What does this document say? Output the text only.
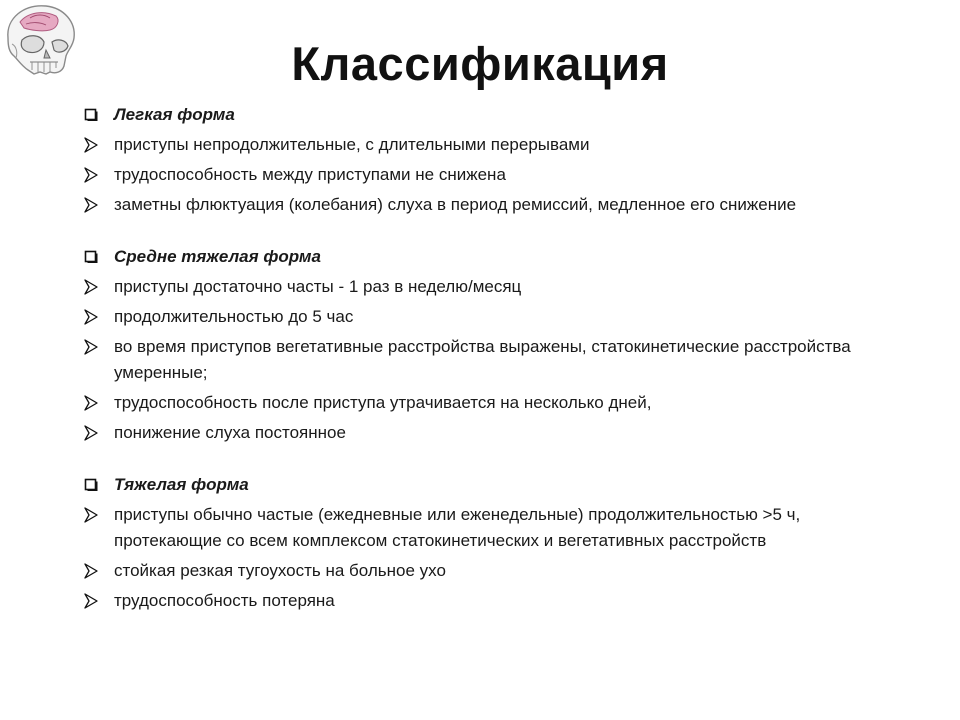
Классификация
Легкая форма
приступы непродолжительные, с длительными перерывами
трудоспособность между приступами не снижена
заметны флюктуация (колебания) слуха в период ремиссий, медленное его снижение
Средне тяжелая форма
приступы достаточно часты - 1 раз в неделю/месяц
продолжительностью до 5 час
во время приступов вегетативные расстройства выражены, статокинетические расстройства умеренные;
трудоспособность после приступа утрачивается на несколько дней,
понижение слуха постоянное
Тяжелая форма
приступы обычно частые (ежедневные или еженедельные) продолжительностью >5 ч, протекающие со всем комплексом статокинетических и вегетативных расстройств
стойкая резкая тугоухость на больное ухо
трудоспособность потеряна
